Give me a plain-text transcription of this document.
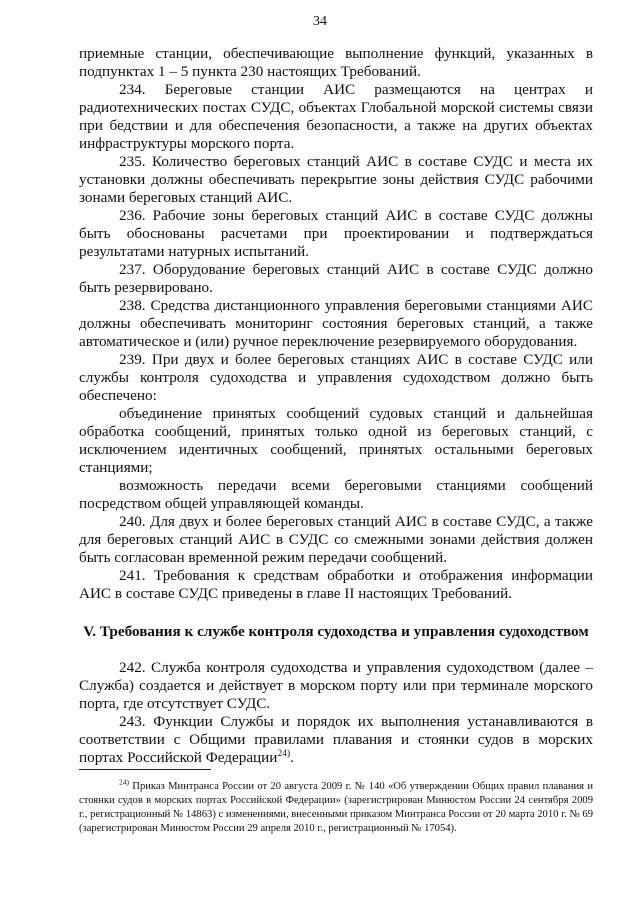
34

приемные станции, обеспечивающие выполнение функций, указанных в подпунктах 1 – 5 пункта 230 настоящих Требований.

234. Береговые станции АИС размещаются на центрах и радиотехнических постах СУДС, объектах Глобальной морской системы связи при бедствии и для обеспечения безопасности, а также на других объектах инфраструктуры морского порта.

235. Количество береговых станций АИС в составе СУДС и места их установки должны обеспечивать перекрытие зоны действия СУДС рабочими зонами береговых станций АИС.

236. Рабочие зоны береговых станций АИС в составе СУДС должны быть обоснованы расчетами при проектировании и подтверждаться результатами натурных испытаний.

237. Оборудование береговых станций АИС в составе СУДС должно быть резервировано.

238. Средства дистанционного управления береговыми станциями АИС должны обеспечивать мониторинг состояния береговых станций, а также автоматическое и (или) ручное переключение резервируемого оборудования.

239. При двух и более береговых станциях АИС в составе СУДС или службы контроля судоходства и управления судоходством должно быть обеспечено:

объединение принятых сообщений судовых станций и дальнейшая обработка сообщений, принятых только одной из береговых станций, с исключением идентичных сообщений, принятых остальными береговых станциями;

возможность передачи всеми береговыми станциями сообщений посредством общей управляющей команды.

240. Для двух и более береговых станций АИС в составе СУДС, а также для береговых станций АИС в СУДС со смежными зонами действия должен быть согласован временной режим передачи сообщений.

241. Требования к средствам обработки и отображения информации АИС в составе СУДС приведены в главе II настоящих Требований.

V. Требования к службе контроля судоходства и управления судоходством

242. Служба контроля судоходства и управления судоходством (далее – Служба) создается и действует в морском порту или при терминале морского порта, где отсутствует СУДС.

243. Функции Службы и порядок их выполнения устанавливаются в соответствии с Общими правилами плавания и стоянки судов в морских портах Российской Федерации$^{24)}$.

$^{24)}$ Приказ Минтранса России от 20 августа 2009 г. № 140 «Об утверждении Общих правил плавания и стоянки судов в морских портах Российской Федерации» (зарегистрирован Минюстом России 24 сентября 2009 г., регистрационный № 14863) с изменениями, внесенными приказом Минтранса России от 20 марта 2010 г. № 69 (зарегистрирован Минюстом России 29 апреля 2010 г., регистрационный № 17054).
